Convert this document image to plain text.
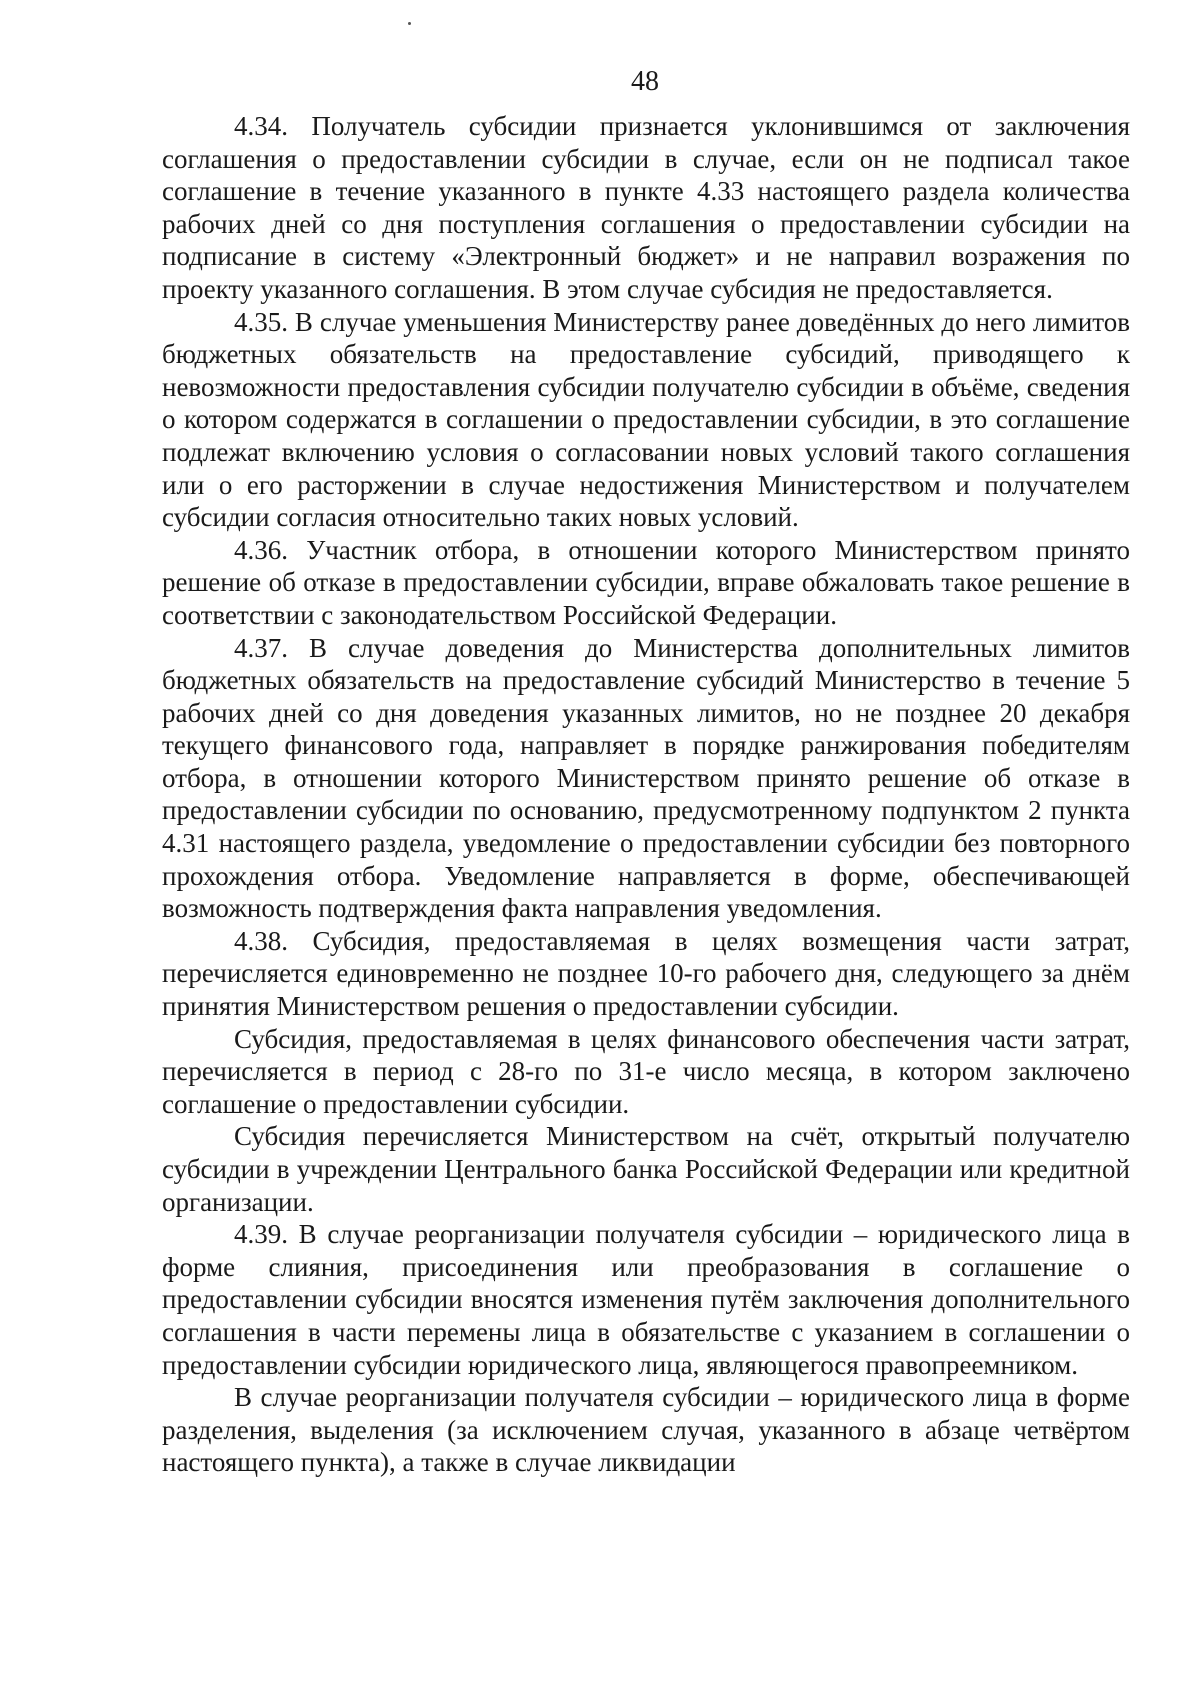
48

4.34. Получатель субсидии признается уклонившимся от заключения соглашения о предоставлении субсидии в случае, если он не подписал такое соглашение в течение указанного в пункте 4.33 настоящего раздела количества рабочих дней со дня поступления соглашения о предоставлении субсидии на подписание в систему «Электронный бюджет» и не направил возражения по проекту указанного соглашения. В этом случае субсидия не предоставляется.

4.35. В случае уменьшения Министерству ранее доведённых до него лимитов бюджетных обязательств на предоставление субсидий, приводящего к невозможности предоставления субсидии получателю субсидии в объёме, сведения о котором содержатся в соглашении о предоставлении субсидии, в это соглашение подлежат включению условия о согласовании новых условий такого соглашения или о его расторжении в случае недостижения Министерством и получателем субсидии согласия относительно таких новых условий.

4.36. Участник отбора, в отношении которого Министерством принято решение об отказе в предоставлении субсидии, вправе обжаловать такое решение в соответствии с законодательством Российской Федерации.

4.37. В случае доведения до Министерства дополнительных лимитов бюджетных обязательств на предоставление субсидий Министерство в течение 5 рабочих дней со дня доведения указанных лимитов, но не позднее 20 декабря текущего финансового года, направляет в порядке ранжирования победителям отбора, в отношении которого Министерством принято решение об отказе в предоставлении субсидии по основанию, предусмотренному подпунктом 2 пункта 4.31 настоящего раздела, уведомление о предоставлении субсидии без повторного прохождения отбора. Уведомление направляется в форме, обеспечивающей возможность подтверждения факта направления уведомления.

4.38. Субсидия, предоставляемая в целях возмещения части затрат, перечисляется единовременно не позднее 10-го рабочего дня, следующего за днём принятия Министерством решения о предоставлении субсидии.

Субсидия, предоставляемая в целях финансового обеспечения части затрат, перечисляется в период с 28-го по 31-е число месяца, в котором заключено соглашение о предоставлении субсидии.

Субсидия перечисляется Министерством на счёт, открытый получателю субсидии в учреждении Центрального банка Российской Федерации или кредитной организации.

4.39. В случае реорганизации получателя субсидии – юридического лица в форме слияния, присоединения или преобразования в соглашение о предоставлении субсидии вносятся изменения путём заключения дополнительного соглашения в части перемены лица в обязательстве с указанием в соглашении о предоставлении субсидии юридического лица, являющегося правопреемником.

В случае реорганизации получателя субсидии – юридического лица в форме разделения, выделения (за исключением случая, указанного в абзаце четвёртом настоящего пункта), а также в случае ликвидации
